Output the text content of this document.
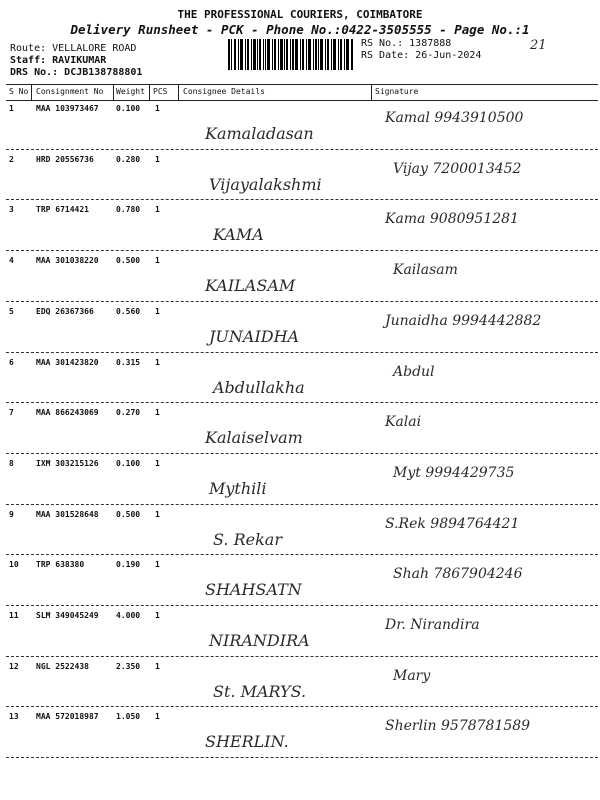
THE PROFESSIONAL COURIERS, COIMBATORE
Delivery Runsheet - PCK - Phone No.:0422-3505555 - Page No.:1
Route: VELLALORE ROAD
Staff: RAVIKUMAR
DRS No.: DCJB138788801
RS No.: 1387888
RS Date: 26-Jun-2024
21
S No Consignment No Weight PCS Consignee Details	Signature
1	MAA 103973467 0.100 1
Kamaladasan
Kamal 9943910500
2	HRD 20556736	0.280 1
Vijayalakshmi
Vijay 7200013452
3	TRP 6714421	0.780 1
KAMA
Kama 9080951281
4	MAA 301038220 0.500 1
KAILASAM
Kailasam
5	EDQ 26367366	0.560 1
JUNAIDHA
Junaidha 9994442882
6	MAA 301423820 0.315 1
Abdullakha
Abdul
7	MAA 866243069 0.270 1
Kalaiselvam
Kalai
8	IXM 303215126 0.100 1
Mythili
Myt 9994429735
9	MAA 301528648 0.500 1
S. Rekar
S.Rek 9894764421
10 TRP 638380	0.190 1
SHAHSATN
Shah 7867904246
11 SLM 349045249 4.000 1
NIRANDIRA
Dr. Nirandira
12 NGL 2522438	2.350 1
St. MARYS.
Mary
13 MAA 572018987 1.050 1
SHERLIN.
Sherlin 9578781589
